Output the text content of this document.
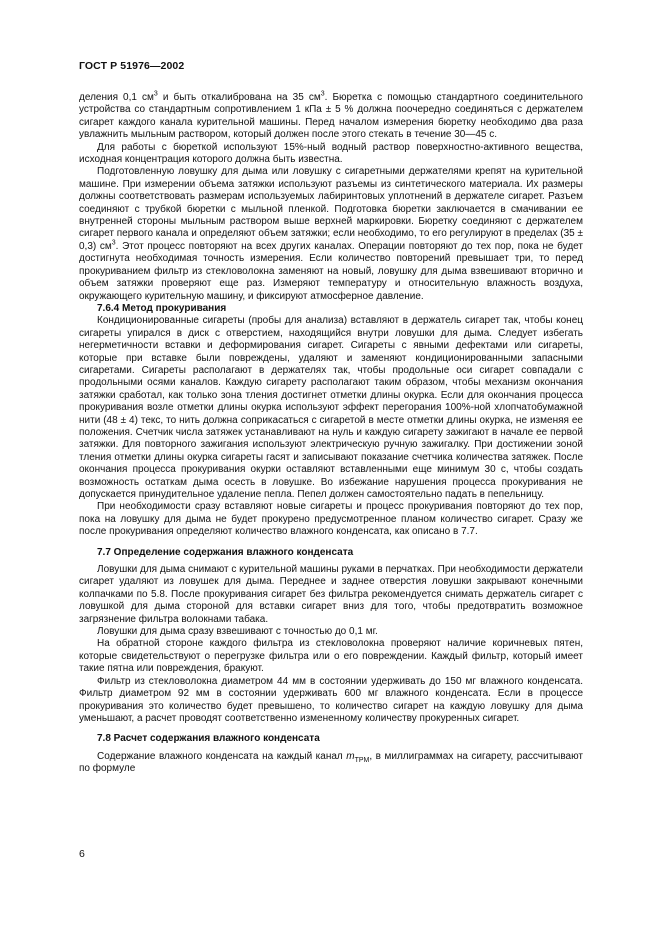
ГОСТ Р 51976—2002

деления 0,1 $см^3$ и быть откалибрована на 35 $см^3$. Бюретка с помощью стандартного соединительного устройства со стандартным сопротивлением 1 кПа ± 5 % должна поочередно соединяться с держателем сигарет каждого канала курительной машины. Перед началом измерения бюретку необходимо два раза увлажнить мыльным раствором, который должен после этого стекать в течение 30—45 с.

Для работы с бюреткой используют 15%-ный водный раствор поверхностно-активного вещества, исходная концентрация которого должна быть известна.

Подготовленную ловушку для дыма или ловушку с сигаретными держателями крепят на курительной машине. При измерении объема затяжки используют разъемы из синтетического материала. Их размеры должны соответствовать размерам используемых лабиринтовых уплотнений в держателе сигарет. Разъем соединяют с трубкой бюретки с мыльной пленкой. Подготовка бюретки заключается в смачивании ее внутренней стороны мыльным раствором выше верхней маркировки. Бюретку соединяют с держателем сигарет первого канала и определяют объем затяжки; если необходимо, то его регулируют в пределах (35 ± 0,3) $см^3$. Этот процесс повторяют на всех других каналах. Операции повторяют до тех пор, пока не будет достигнута необходимая точность измерения. Если количество повторений превышает три, то перед прокуриванием фильтр из стекловолокна заменяют на новый, ловушку для дыма взвешивают вторично и объем затяжки проверяют еще раз. Измеряют температуру и относительную влажность воздуха, окружающего курительную машину, и фиксируют атмосферное давление.

7.6.4 Метод прокуривания

Кондиционированные сигареты (пробы для анализа) вставляют в держатель сигарет так, чтобы конец сигареты упирался в диск с отверстием, находящийся внутри ловушки для дыма. Следует избегать негерметичности вставки и деформирования сигарет. Сигареты с явными дефектами или сигареты, которые при вставке были повреждены, удаляют и заменяют кондиционированными запасными сигаретами. Сигареты располагают в держателях так, чтобы продольные оси сигарет совпадали с продольными осями каналов. Каждую сигарету располагают таким образом, чтобы механизм окончания затяжки сработал, как только зона тления достигнет отметки длины окурка. Если для окончания процесса прокуривания возле отметки длины окурка используют эффект перегорания 100%-ной хлопчатобумажной нити (48 ± 4) текс, то нить должна соприкасаться с сигаретой в месте отметки длины окурка, не изменяя ее положения. Счетчик числа затяжек устанавливают на нуль и каждую сигарету зажигают в начале ее первой затяжки. Для повторного зажигания используют электрическую ручную зажигалку. При достижении зоной тления отметки длины окурка сигареты гасят и записывают показание счетчика количества затяжек. После окончания процесса прокуривания окурки оставляют вставленными еще минимум 30 с, чтобы создать возможность остаткам дыма осесть в ловушке. Во избежание нарушения процесса прокуривания не допускается принудительное удаление пепла. Пепел должен самостоятельно падать в пепельницу.

При необходимости сразу вставляют новые сигареты и процесс прокуривания повторяют до тех пор, пока на ловушку для дыма не будет прокурено предусмотренное планом количество сигарет. Сразу же после прокуривания определяют количество влажного конденсата, как описано в 7.7.

7.7 Определение содержания влажного конденсата

Ловушки для дыма снимают с курительной машины руками в перчатках. При необходимости держатели сигарет удаляют из ловушек для дыма. Переднее и заднее отверстия ловушки закрывают конечными колпачками по 5.8. После прокуривания сигарет без фильтра рекомендуется снимать держатель сигарет с ловушкой для дыма стороной для вставки сигарет вниз для того, чтобы предотвратить возможное загрязнение фильтра волокнами табака.

Ловушки для дыма сразу взвешивают с точностью до 0,1 мг.

На обратной стороне каждого фильтра из стекловолокна проверяют наличие коричневых пятен, которые свидетельствуют о перегрузке фильтра или о его повреждении. Каждый фильтр, который имеет такие пятна или повреждения, бракуют.

Фильтр из стекловолокна диаметром 44 мм в состоянии удерживать до 150 мг влажного конденсата. Фильтр диаметром 92 мм в состоянии удерживать 600 мг влажного конденсата. Если в процессе прокуривания это количество будет превышено, то количество сигарет на каждую ловушку для дыма уменьшают, а расчет проводят соответственно измененному количеству прокуренных сигарет.

7.8 Расчет содержания влажного конденсата

Содержание влажного конденсата на каждый канал $m_{TPM}$, в миллиграммах на сигарету, рассчитывают по формуле

6
